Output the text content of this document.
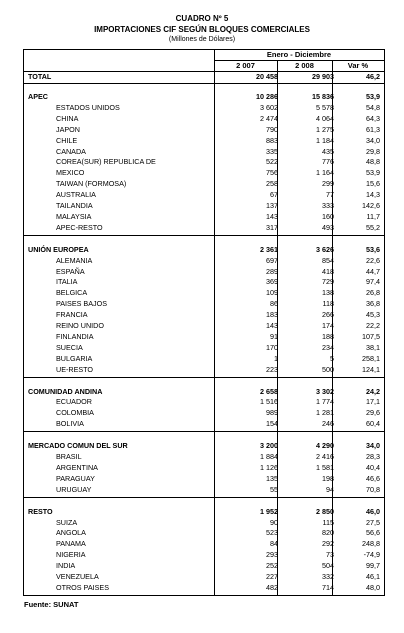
CUADRO Nº 5
IMPORTACIONES CIF SEGÚN BLOQUES COMERCIALES
(Millones de Dólares)
Enero - Diciembre
2 007	2 008	Var %
TOTAL	20 458	29 903	46,2
APEC	10 286	15 836	53,9
ESTADOS UNIDOS	3 602	5 578	54,8
CHINA	2 474	4 064	64,3
JAPON	790	1 275	61,3
CHILE	883	1 184	34,0
CANADA	335	435	29,8
COREA(SUR) REPUBLICA DE	522	776	48,8
MEXICO	756	1 164	53,9
TAIWAN (FORMOSA)	258	299	15,6
AUSTRALIA	67	77	14,3
TAILANDIA	137	333	142,6
MALAYSIA	143	160	11,7
APEC-RESTO	317	493	55,2
UNIÓN EUROPEA	2 361	3 626	53,6
ALEMANIA	697	854	22,6
ESPAÑA	289	418	44,7
ITALIA	369	729	97,4
BELGICA	109	138	26,8
PAISES BAJOS	86	118	36,8
FRANCIA	183	266	45,3
REINO UNIDO	143	174	22,2
FINLANDIA	91	188	107,5
SUECIA	170	234	38,1
BULGARIA	1	5	258,1
UE-RESTO	223	500	124,1
COMUNIDAD ANDINA	2 658	3 302	24,2
ECUADOR	1 516	1 774	17,1
COLOMBIA	989	1 281	29,6
BOLIVIA	154	246	60,4
MERCADO COMUN DEL SUR	3 200	4 290	34,0
BRASIL	1 884	2 416	28,3
ARGENTINA	1 126	1 581	40,4
PARAGUAY	135	198	46,6
URUGUAY	55	94	70,8
RESTO	1 952	2 850	46,0
SUIZA	90	115	27,5
ANGOLA	523	820	56,6
PANAMA	84	292	248,8
NIGERIA	293	73	-74,9
INDIA	252	504	99,7
VENEZUELA	227	332	46,1
OTROS PAISES	482	714	48,0
Fuente: SUNAT
